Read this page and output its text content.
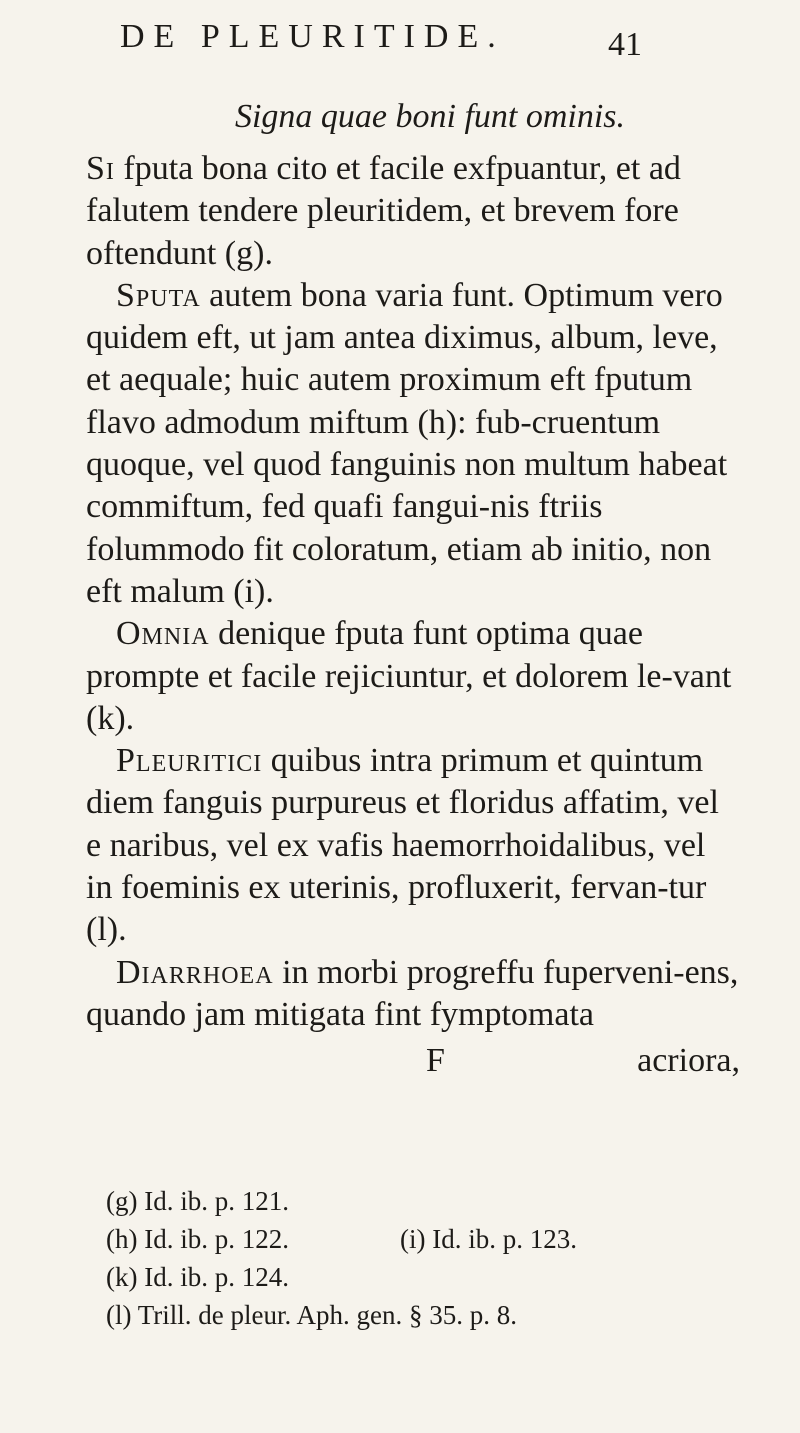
DE PLEURITIDE.	41
Signa quae boni funt ominis.

Si fputa bona cito et facile exfpuantur, et ad falutem tendere pleuritidem, et brevem fore oftendunt (g).

Sputa autem bona varia funt. Optimum vero quidem eft, ut jam antea diximus, album, leve, et aequale; huic autem proximum eft fputum flavo admodum miftum (h): fub-cruentum quoque, vel quod fanguinis non multum habeat commiftum, fed quafi fangui-nis ftriis folummodo fit coloratum, etiam ab initio, non eft malum (i).

Omnia denique fputa funt optima quae prompte et facile rejiciuntur, et dolorem le-vant (k).

Pleuritici quibus intra primum et quintum diem fanguis purpureus et floridus affatim, vel e naribus, vel ex vafis haemorrhoidalibus, vel in foeminis ex uterinis, profluxerit, fervan-tur (l).

Diarrhoea in morbi progreffu fuperveni-ens, quando jam mitigata fint fymptomata

F	acriora,
(g) Id. ib. p. 121.
(h) Id. ib. p. 122.	(i) Id. ib. p. 123.
(k) Id. ib. p. 124.
(l) Trill. de pleur. Aph. gen. § 35. p. 8.
